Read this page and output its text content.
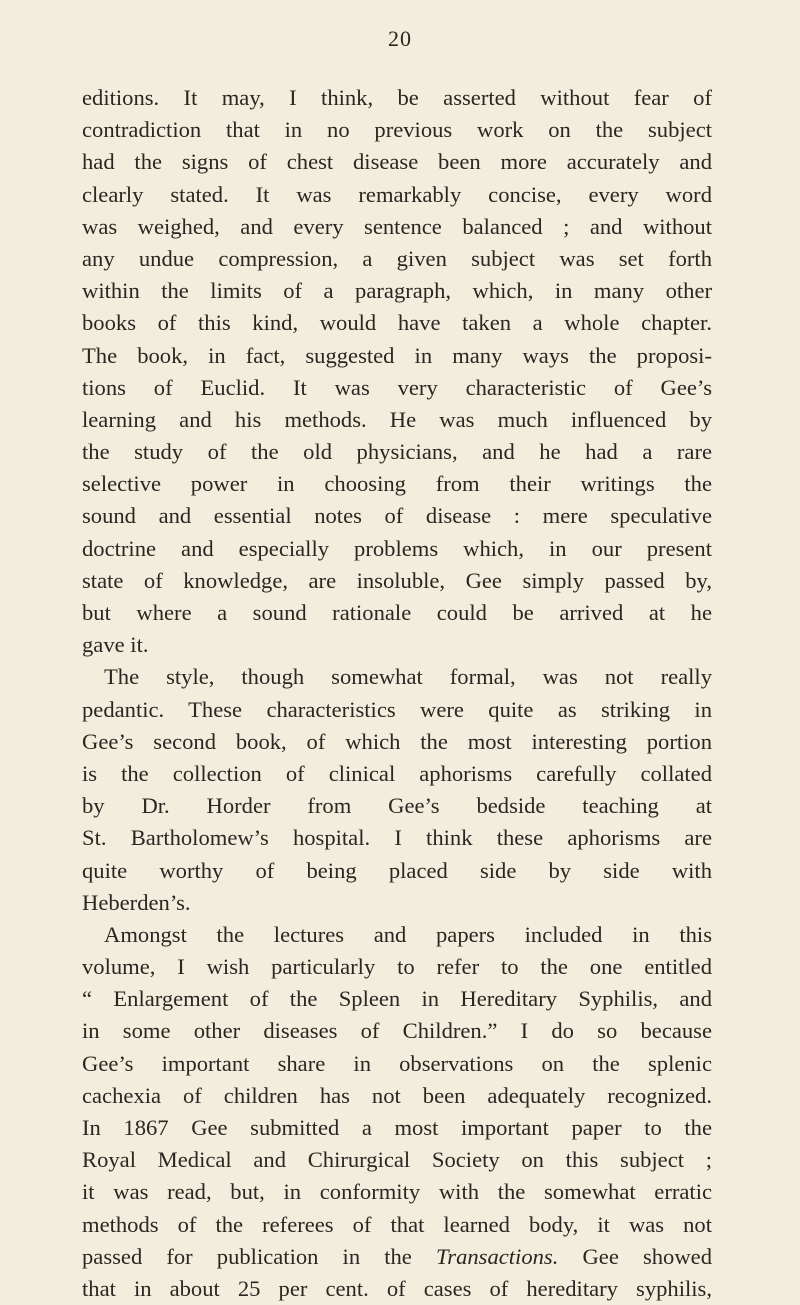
20
editions. It may, I think, be asserted without fear of
contradiction that in no previous work on the subject
had the signs of chest disease been more accurately and
clearly stated. It was remarkably concise, every word
was weighed, and every sentence balanced ; and without
any undue compression, a given subject was set forth
within the limits of a paragraph, which, in many other
books of this kind, would have taken a whole chapter.
The book, in fact, suggested in many ways the proposi-
tions of Euclid. It was very characteristic of Gee’s
learning and his methods. He was much influenced by
the study of the old physicians, and he had a rare
selective power in choosing from their writings the
sound and essential notes of disease : mere speculative
doctrine and especially problems which, in our present
state of knowledge, are insoluble, Gee simply passed by,
but where a sound rationale could be arrived at he
gave it.
The style, though somewhat formal, was not really
pedantic. These characteristics were quite as striking in
Gee’s second book, of which the most interesting portion
is the collection of clinical aphorisms carefully collated
by Dr. Horder from Gee’s bedside teaching at
St. Bartholomew’s hospital. I think these aphorisms are
quite worthy of being placed side by side with
Heberden’s.
Amongst the lectures and papers included in this
volume, I wish particularly to refer to the one entitled
“ Enlargement of the Spleen in Hereditary Syphilis, and
in some other diseases of Children.” I do so because
Gee’s important share in observations on the splenic
cachexia of children has not been adequately recognized.
In 1867 Gee submitted a most important paper to the
Royal Medical and Chirurgical Society on this subject ;
it was read, but, in conformity with the somewhat erratic
methods of the referees of that learned body, it was not
passed for publication in the Transactions. Gee showed
that in about 25 per cent. of cases of hereditary syphilis,
